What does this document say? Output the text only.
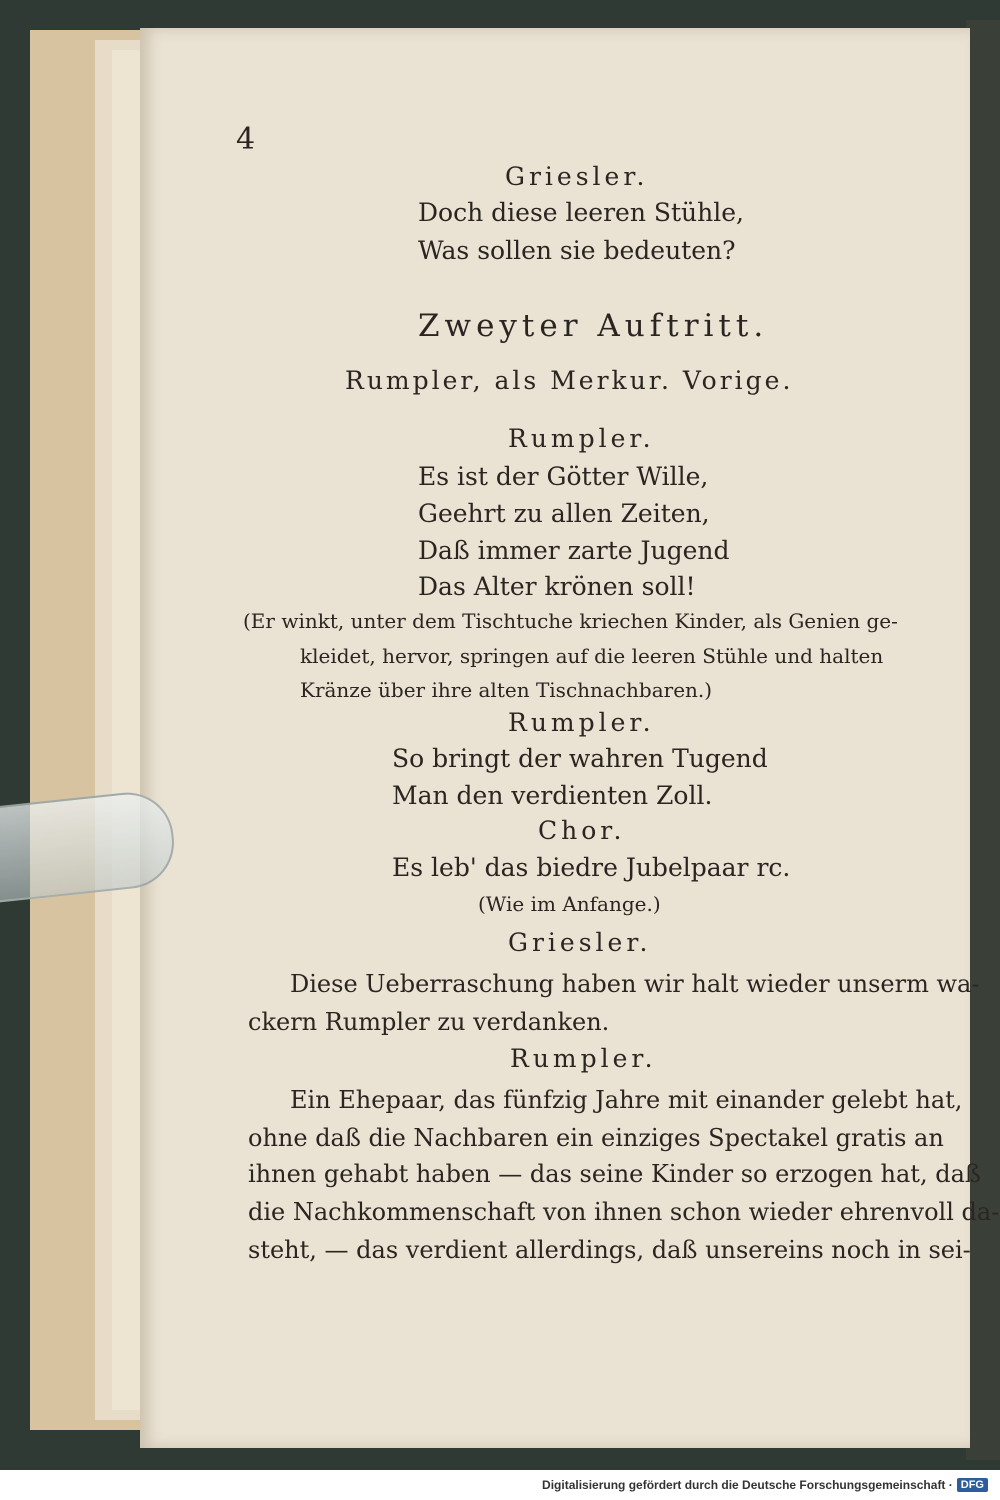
4
Griesler.
Doch diese leeren Stühle,
Was sollen sie bedeuten?
Zweyter Auftritt.
Rumpler, als Merkur. Vorige.
Rumpler.
Es ist der Götter Wille,
Geehrt zu allen Zeiten,
Daß immer zarte Jugend
Das Alter krönen soll!
(Er winkt, unter dem Tischtuche kriechen Kinder, als Genien ge-
kleidet, hervor, springen auf die leeren Stühle und halten
Kränze über ihre alten Tischnachbaren.)
Rumpler.
So bringt der wahren Tugend
Man den verdienten Zoll.
Chor.
Es leb' das biedre Jubelpaar rc.
(Wie im Anfange.)
Griesler.
Diese Ueberraschung haben wir halt wieder unserm wa-
ckern Rumpler zu verdanken.
Rumpler.
Ein Ehepaar, das fünfzig Jahre mit einander gelebt hat,
ohne daß die Nachbaren ein einziges Spectakel gratis an
ihnen gehabt haben — das seine Kinder so erzogen hat, daß
die Nachkommenschaft von ihnen schon wieder ehrenvoll da-
steht, — das verdient allerdings, daß unsereins noch in sei-
Digitalisierung gefördert durch die Deutsche Forschungsgemeinschaft · DFG
